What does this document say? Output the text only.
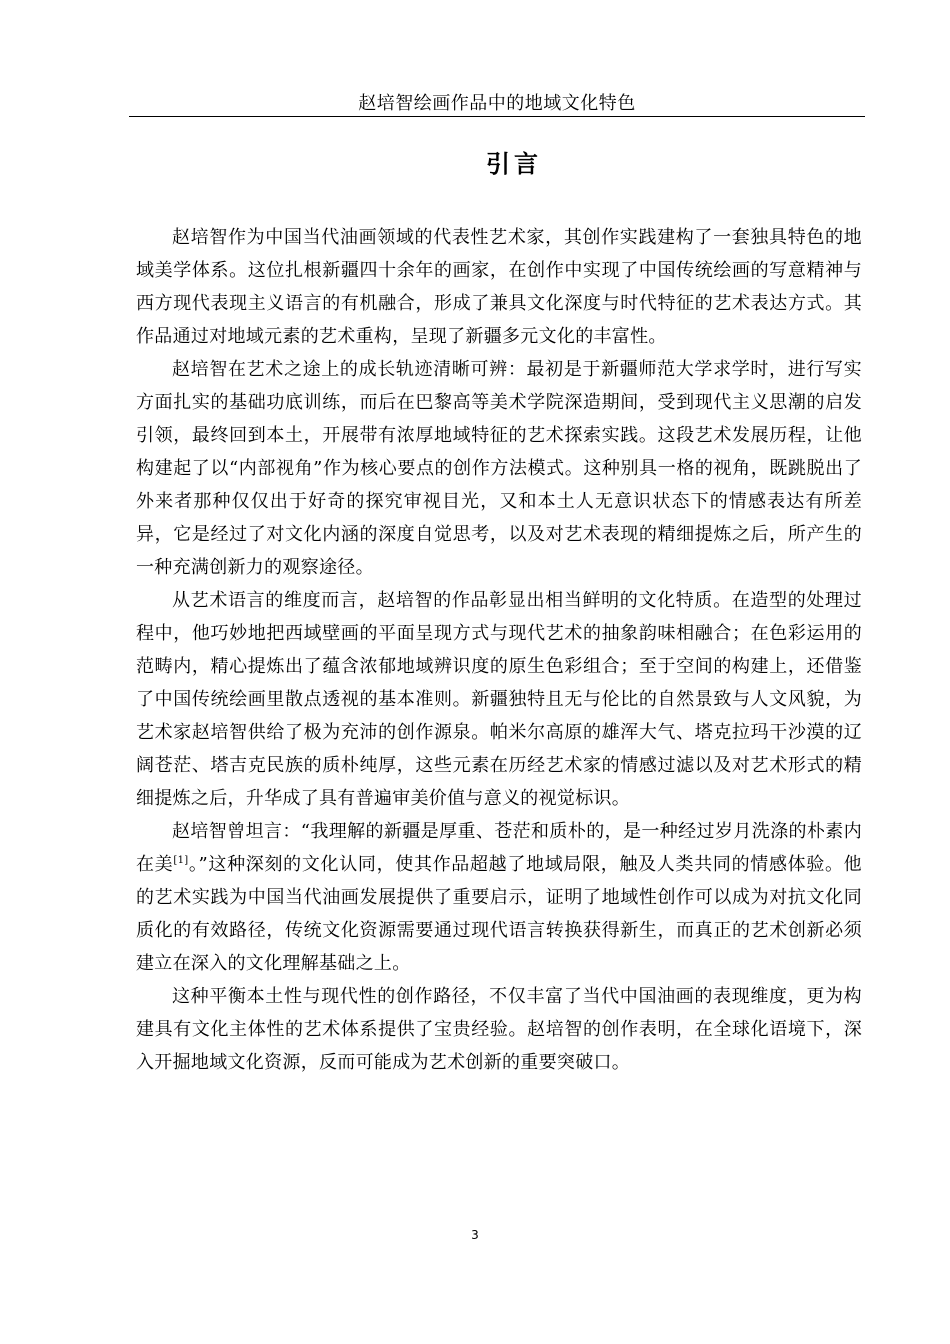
赵培智绘画作品中的地域文化特色
引言

赵培智作为中国当代油画领域的代表性艺术家，其创作实践建构了一套独具特色的地域美学体系。这位扎根新疆四十余年的画家，在创作中实现了中国传统绘画的写意精神与西方现代表现主义语言的有机融合，形成了兼具文化深度与时代特征的艺术表达方式。其作品通过对地域元素的艺术重构，呈现了新疆多元文化的丰富性。

赵培智在艺术之途上的成长轨迹清晰可辨：最初是于新疆师范大学求学时，进行写实方面扎实的基础功底训练，而后在巴黎高等美术学院深造期间，受到现代主义思潮的启发引领，最终回到本土，开展带有浓厚地域特征的艺术探索实践。这段艺术发展历程，让他构建起了以“内部视角”作为核心要点的创作方法模式。这种别具一格的视角，既跳脱出了外来者那种仅仅出于好奇的探究审视目光，又和本土人无意识状态下的情感表达有所差异，它是经过了对文化内涵的深度自觉思考，以及对艺术表现的精细提炼之后，所产生的一种充满创新力的观察途径。

从艺术语言的维度而言，赵培智的作品彰显出相当鲜明的文化特质。在造型的处理过程中，他巧妙地把西域壁画的平面呈现方式与现代艺术的抽象韵味相融合；在色彩运用的范畴内，精心提炼出了蕴含浓郁地域辨识度的原生色彩组合；至于空间的构建上，还借鉴了中国传统绘画里散点透视的基本准则。新疆独特且无与伦比的自然景致与人文风貌，为艺术家赵培智供给了极为充沛的创作源泉。帕米尔高原的雄浑大气、塔克拉玛干沙漠的辽阔苍茫、塔吉克民族的质朴纯厚，这些元素在历经艺术家的情感过滤以及对艺术形式的精细提炼之后，升华成了具有普遍审美价值与意义的视觉标识。

赵培智曾坦言：“我理解的新疆是厚重、苍茫和质朴的，是一种经过岁月洗涤的朴素内在美[1]。”这种深刻的文化认同，使其作品超越了地域局限，触及人类共同的情感体验。他的艺术实践为中国当代油画发展提供了重要启示，证明了地域性创作可以成为对抗文化同质化的有效路径，传统文化资源需要通过现代语言转换获得新生，而真正的艺术创新必须建立在深入的文化理解基础之上。

这种平衡本土性与现代性的创作路径，不仅丰富了当代中国油画的表现维度，更为构建具有文化主体性的艺术体系提供了宝贵经验。赵培智的创作表明，在全球化语境下，深入开掘地域文化资源，反而可能成为艺术创新的重要突破口。

3
